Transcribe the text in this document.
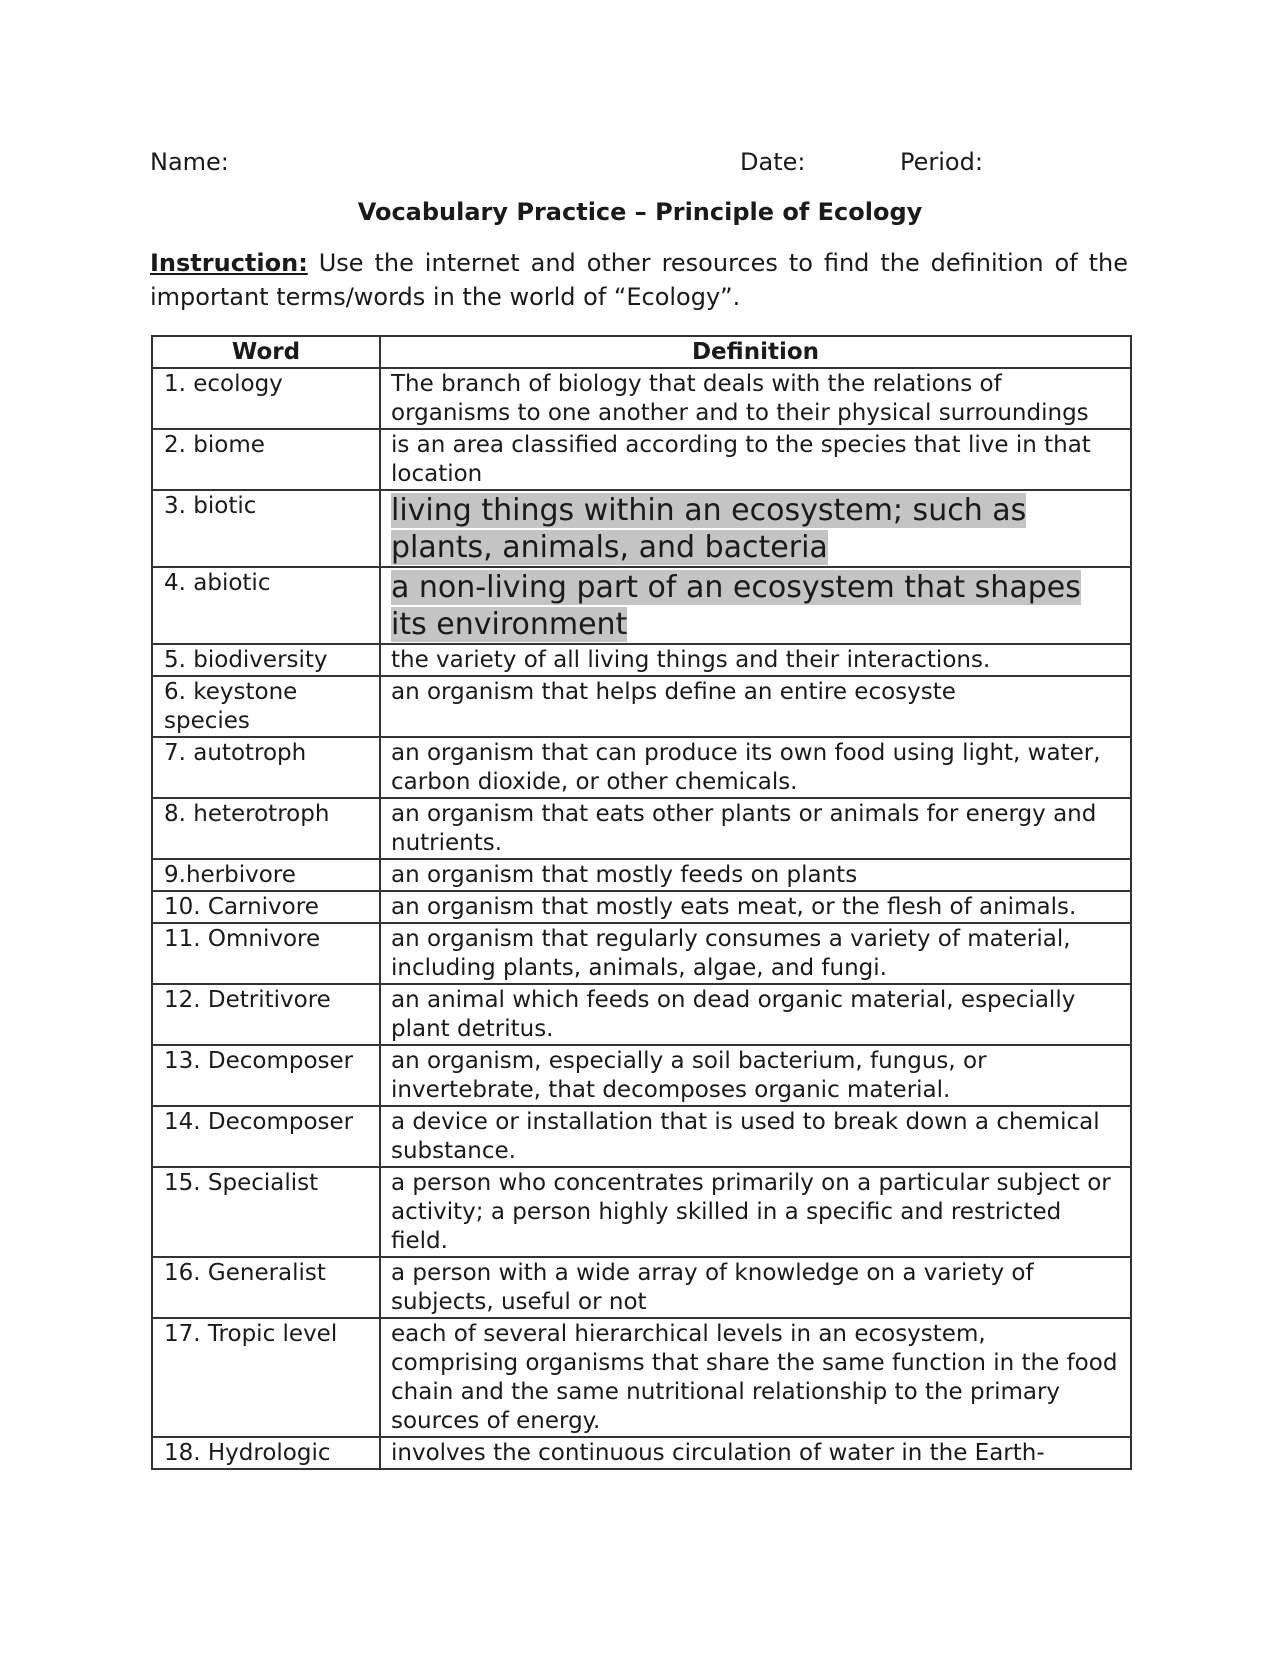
Name:	Date:	Period:
Vocabulary Practice – Principle of Ecology
Instruction: Use the internet and other resources to find the definition of the important terms/words in the world of “Ecology”.
Word	Definition
1. ecology	The branch of biology that deals with the relations of organisms to one another and to their physical surroundings
2. biome	is an area classified according to the species that live in that location
3. biotic	living things within an ecosystem; such as plants, animals, and bacteria
4. abiotic	a non-living part of an ecosystem that shapes its environment
5. biodiversity	the variety of all living things and their interactions.
6. keystone species	an organism that helps define an entire ecosyste
7. autotroph	an organism that can produce its own food using light, water, carbon dioxide, or other chemicals.
8. heterotroph	an organism that eats other plants or animals for energy and nutrients.
9.herbivore	an organism that mostly feeds on plants
10. Carnivore	an organism that mostly eats meat, or the flesh of animals.
11. Omnivore	an organism that regularly consumes a variety of material, including plants, animals, algae, and fungi.
12. Detritivore	an animal which feeds on dead organic material, especially plant detritus.
13. Decomposer	an organism, especially a soil bacterium, fungus, or invertebrate, that decomposes organic material.
14. Decomposer	a device or installation that is used to break down a chemical substance.
15. Specialist	a person who concentrates primarily on a particular subject or activity; a person highly skilled in a specific and restricted field.
16. Generalist	a person with a wide array of knowledge on a variety of subjects, useful or not
17. Tropic level	each of several hierarchical levels in an ecosystem, comprising organisms that share the same function in the food chain and the same nutritional relationship to the primary sources of energy.
18. Hydrologic	involves the continuous circulation of water in the Earth-
